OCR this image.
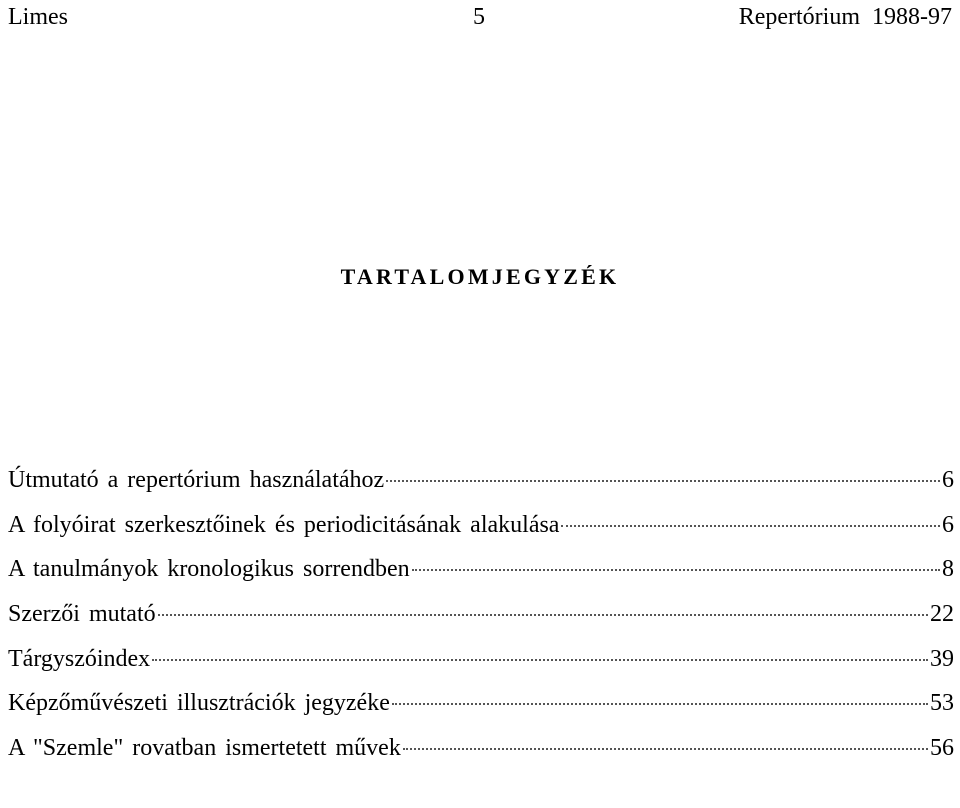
Limes	5	Repertórium  1988-97
TARTALOMJEGYZÉK
Útmutató a repertórium használatához	6
A folyóirat szerkesztőinek és periodicitásának alakulása	6
A tanulmányok kronologikus sorrendben	8
Szerzői mutató	22
Tárgyszóindex	39
Képzőművészeti illusztrációk jegyzéke	53
A "Szemle" rovatban ismertetett művek	56
